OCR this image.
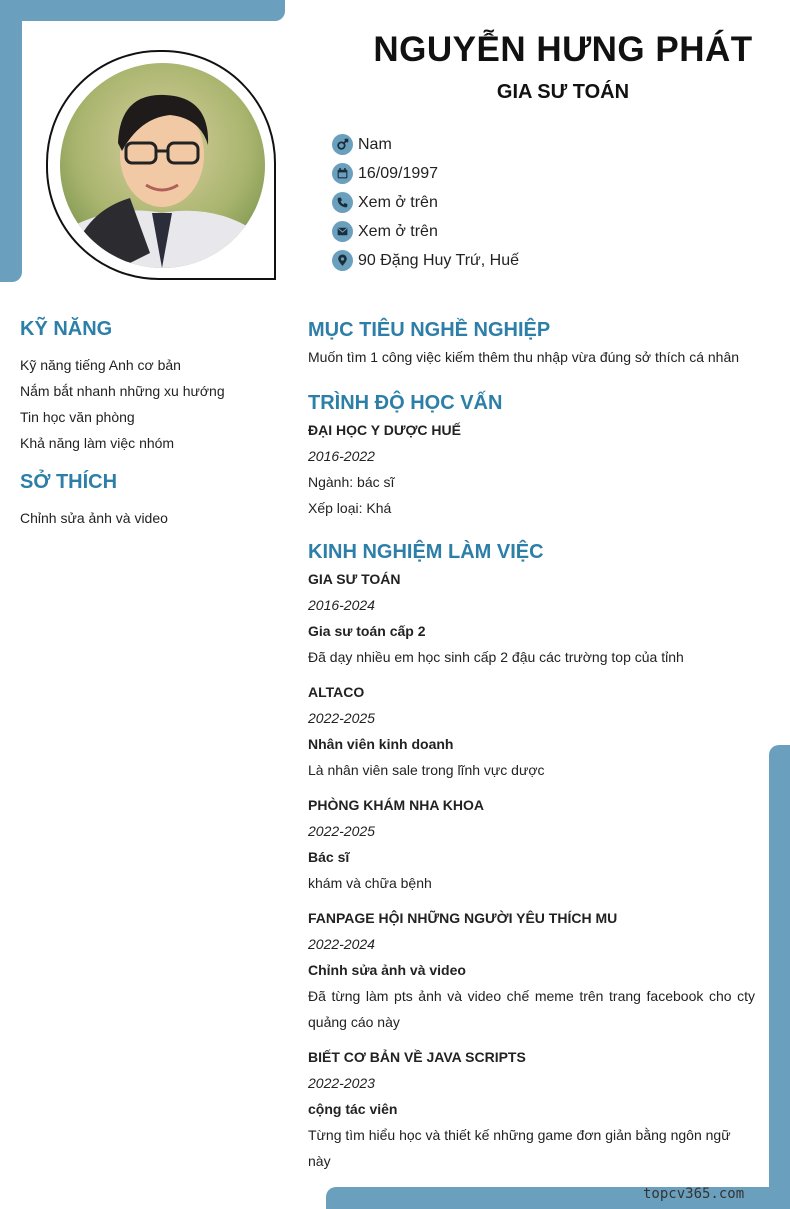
NGUYỄN HƯNG PHÁT
GIA SƯ TOÁN
Nam
16/09/1997
Xem ở trên
Xem ở trên
90 Đặng Huy Trứ, Huế
KỸ NĂNG
Kỹ năng tiếng Anh cơ bản
Nắm bắt nhanh những xu hướng
Tin học văn phòng
Khả năng làm việc nhóm
SỞ THÍCH
Chỉnh sửa ảnh và video
MỤC TIÊU NGHỀ NGHIỆP
Muốn tìm 1 công việc kiếm thêm thu nhập vừa đúng sở thích cá nhân
TRÌNH ĐỘ HỌC VẤN
ĐẠI HỌC Y DƯỢC HUẾ
2016-2022
Ngành: bác sĩ
Xếp loại: Khá
KINH NGHIỆM LÀM VIỆC
GIA SƯ TOÁN
2016-2024
Gia sư toán cấp 2
Đã dạy nhiều em học sinh cấp 2 đậu các trường top của tỉnh
ALTACO
2022-2025
Nhân viên kinh doanh
Là nhân viên sale trong lĩnh vực dược
PHÒNG KHÁM NHA KHOA
2022-2025
Bác sĩ
khám và chữa bệnh
FANPAGE HỘI NHỮNG NGƯỜI YÊU THÍCH MU
2022-2024
Chỉnh sửa ảnh và video
Đã từng làm pts ảnh và video chế meme trên trang facebook cho cty quảng cáo này
BIẾT CƠ BẢN VỀ JAVA SCRIPTS
2022-2023
cộng tác viên
Từng tìm hiểu học và thiết kế những game đơn giản bằng ngôn ngữ này
topcv365.com
